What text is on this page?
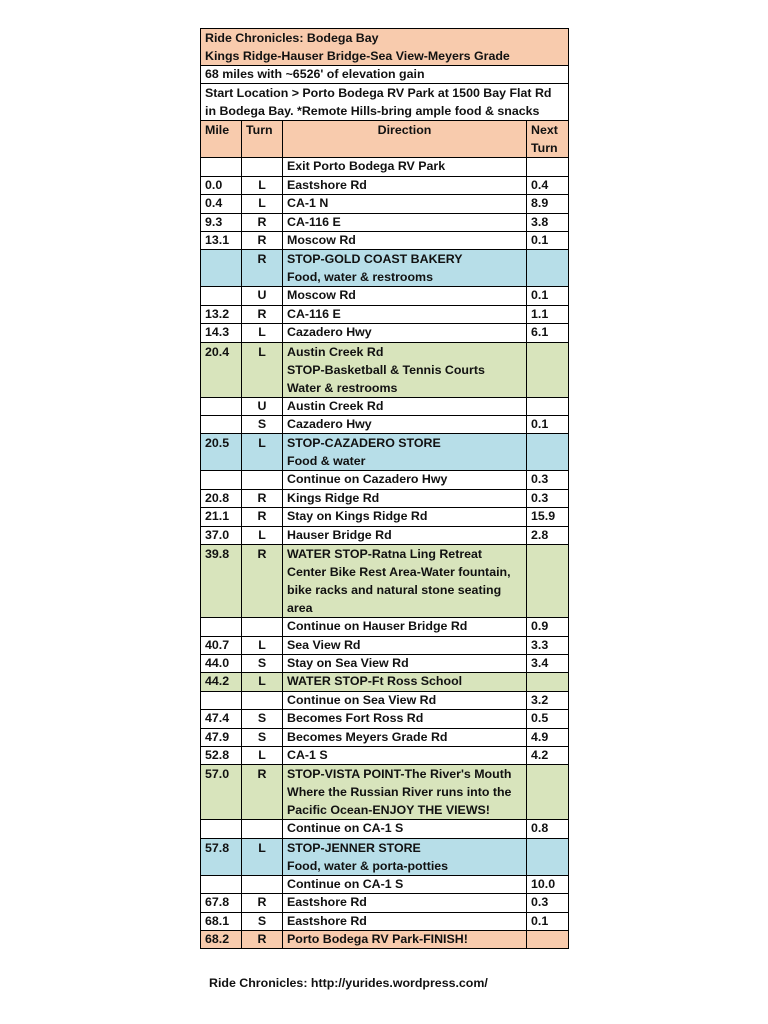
Ride Chronicles: Bodega Bay
Kings Ridge-Hauser Bridge-Sea View-Meyers Grade			

68 miles with ~6526' of elevation gain			

Start Location > Porto Bodega RV Park at 1500 Bay Flat Rd
in Bodega Bay. *Remote Hills-bring ample food & snacks			

Mile	Turn	Direction	Next
Turn

		Exit Porto Bodega RV Park	

0.0	L	Eastshore Rd	0.4
0.4	L	CA-1 N	8.9
9.3	R	CA-116 E	3.8
13.1	R	Moscow Rd	0.1
	R	STOP-GOLD COAST BAKERY
Food, water & restrooms	

	U	Moscow Rd	0.1
13.2	R	CA-116 E	1.1
14.3	L	Cazadero Hwy	6.1
20.4	L	Austin Creek Rd
STOP-Basketball & Tennis Courts
Water & restrooms	

	U	Austin Creek Rd	

	S	Cazadero Hwy	0.1
20.5	L	STOP-CAZADERO STORE
Food & water	

		Continue on Cazadero Hwy	0.3
20.8	R	Kings Ridge Rd	0.3
21.1	R	Stay on Kings Ridge Rd	15.9
37.0	L	Hauser Bridge Rd	2.8
39.8	R	WATER STOP-Ratna Ling Retreat
Center Bike Rest Area-Water fountain,
bike racks and natural stone seating
area	

		Continue on Hauser Bridge Rd	0.9
40.7	L	Sea View Rd	3.3
44.0	S	Stay on Sea View Rd	3.4
44.2	L	WATER STOP-Ft Ross School	

		Continue on Sea View Rd	3.2
47.4	S	Becomes Fort Ross Rd	0.5
47.9	S	Becomes Meyers Grade Rd	4.9
52.8	L	CA-1 S	4.2
57.0	R	STOP-VISTA POINT-The River's Mouth
Where the Russian River runs into the
Pacific Ocean-ENJOY THE VIEWS!	

		Continue on CA-1 S	0.8
57.8	L	STOP-JENNER STORE
Food, water & porta-potties	

		Continue on CA-1 S	10.0
67.8	R	Eastshore Rd	0.3
68.1	S	Eastshore Rd	0.1
68.2	R	Porto Bodega RV Park-FINISH!	

Ride Chronicles: http://yurides.wordpress.com/
